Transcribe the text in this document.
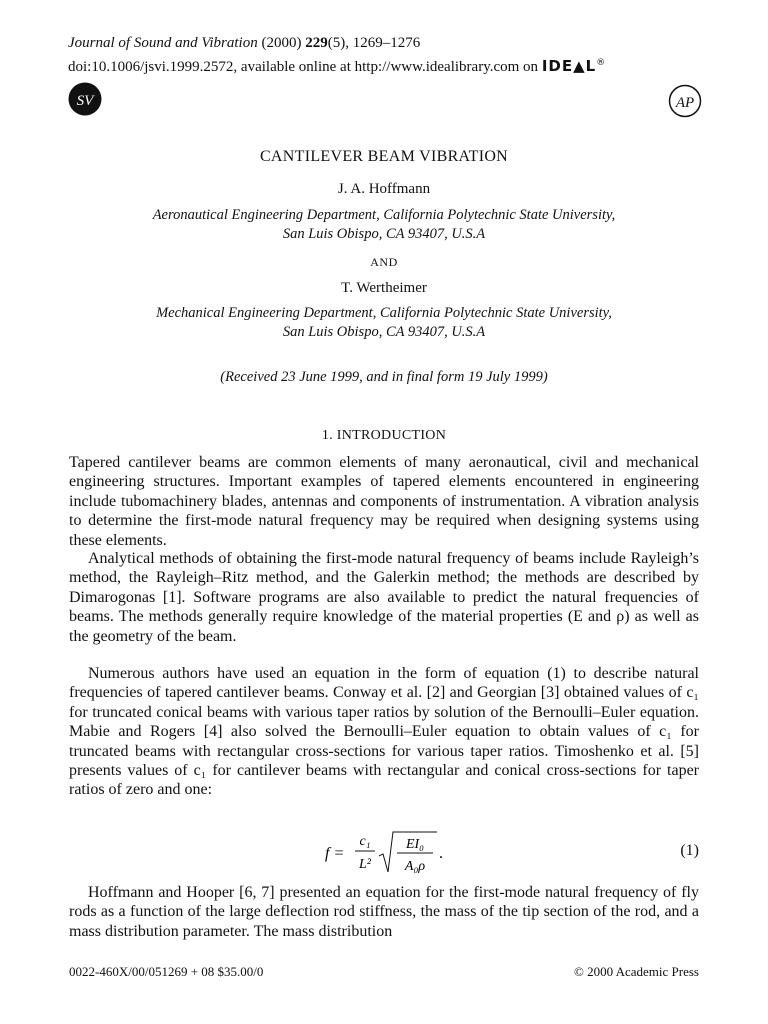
Journal of Sound and Vibration (2000) 229(5), 1269–1276
doi:10.1006/jsvi.1999.2572, available online at http://www.idealibrary.com on IDE▲L®
SV	AP
CANTILEVER BEAM VIBRATION
J. A. Hoffmann
Aeronautical Engineering Department, California Polytechnic State University,
San Luis Obispo, CA 93407, U.S.A
AND
T. Wertheimer
Mechanical Engineering Department, California Polytechnic State University,
San Luis Obispo, CA 93407, U.S.A
(Received 23 June 1999, and in final form 19 July 1999)
1. INTRODUCTION
Tapered cantilever beams are common elements of many aeronautical, civil and mechanical engineering structures. Important examples of tapered elements encountered in engineering include tubomachinery blades, antennas and components of instrumentation. A vibration analysis to determine the first-mode natural frequency may be required when designing systems using these elements.
Analytical methods of obtaining the first-mode natural frequency of beams include Rayleigh’s method, the Rayleigh–Ritz method, and the Galerkin method; the methods are described by Dimarogonas [1]. Software programs are also available to predict the natural frequencies of beams. The methods generally require knowledge of the material properties (E and ρ) as well as the geometry of the beam.
Numerous authors have used an equation in the form of equation (1) to describe natural frequencies of tapered cantilever beams. Conway et al. [2] and Georgian [3] obtained values of c₁ for truncated conical beams with various taper ratios by solution of the Bernoulli–Euler equation. Mabie and Rogers [4] also solved the Bernoulli–Euler equation to obtain values of c₁ for truncated beams with rectangular cross-sections for various taper ratios. Timoshenko et al. [5] presents values of c₁ for cantilever beams with rectangular and conical cross-sections for taper ratios of zero and one:
f =
c₁
L²
EI₀
A₀ρ
.	(1)
Hoffmann and Hooper [6, 7] presented an equation for the first-mode natural frequency of fly rods as a function of the large deflection rod stiffness, the mass of the tip section of the rod, and a mass distribution parameter. The mass distribution
0022-460X/00/051269 + 08 $35.00/0	© 2000 Academic Press
